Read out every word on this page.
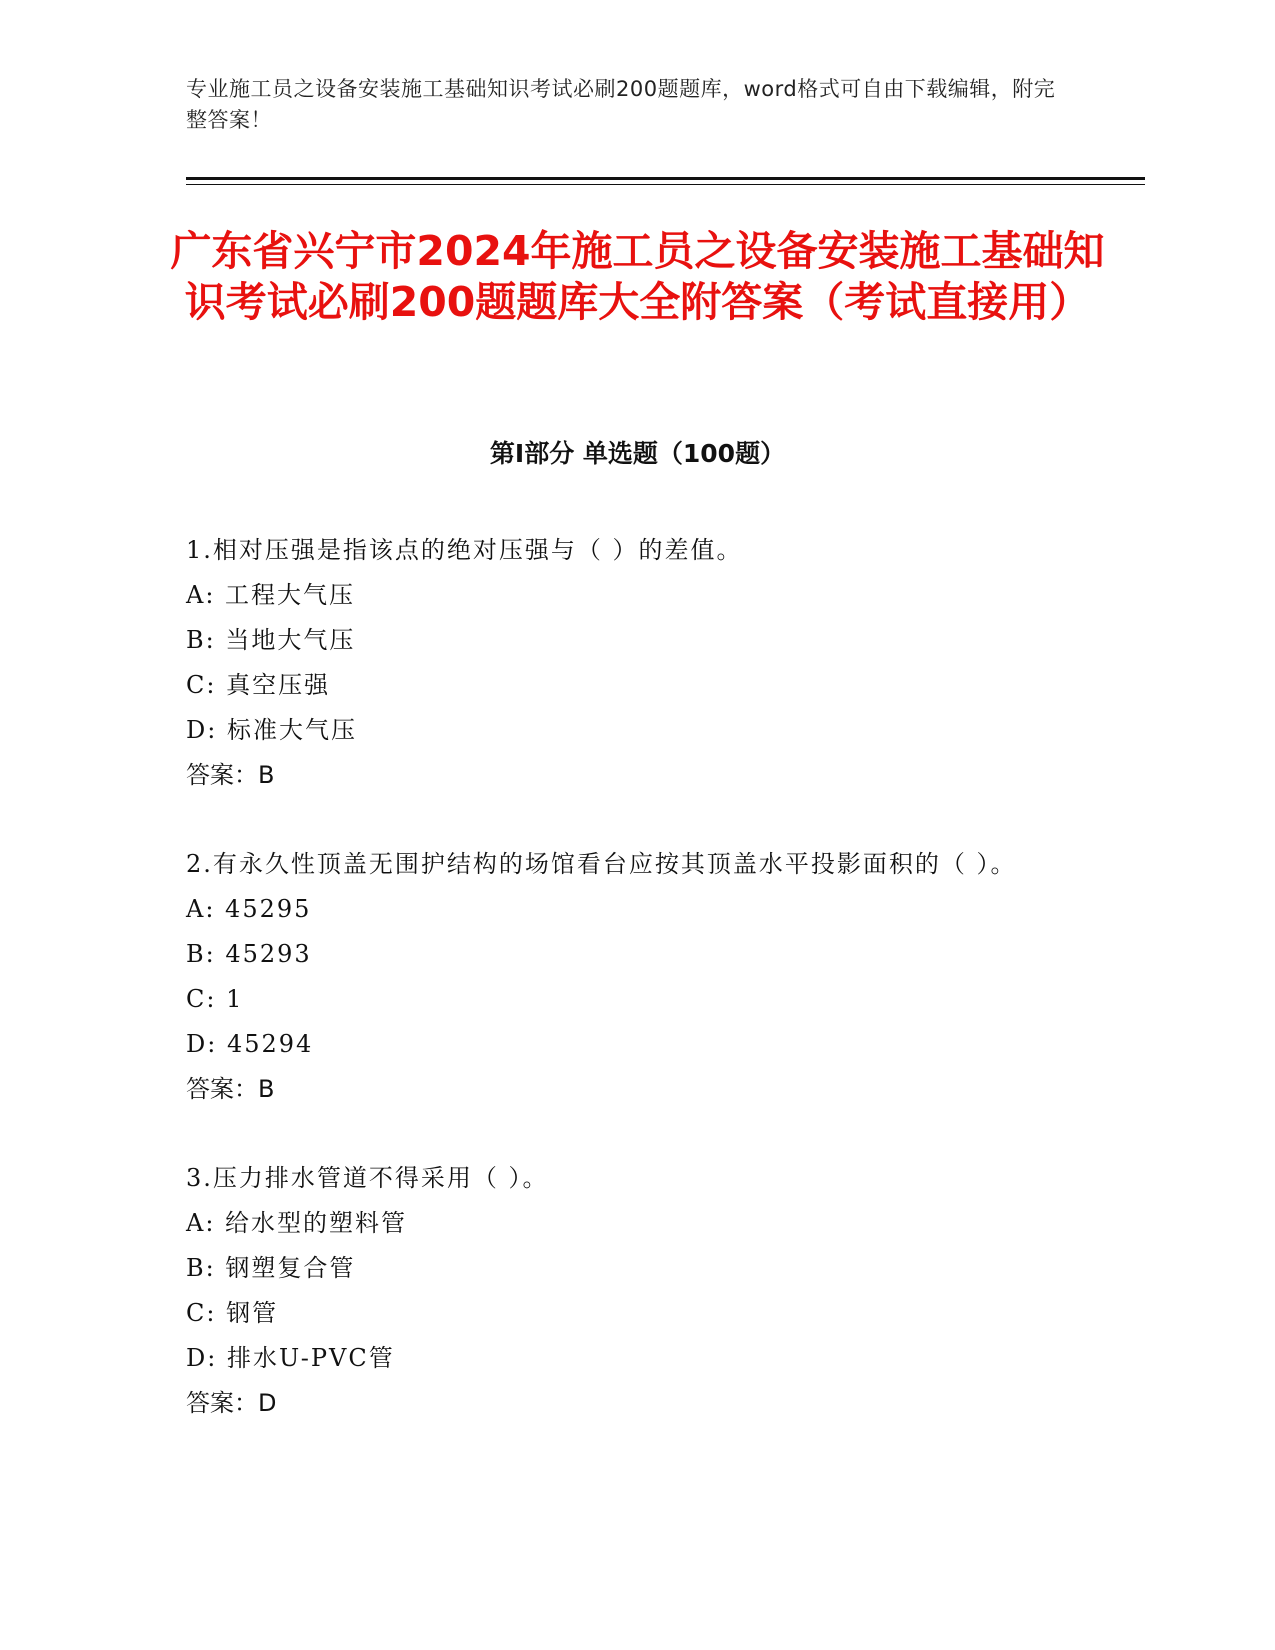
专业施工员之设备安装施工基础知识考试必刷200题题库，word格式可自由下载编辑，附完整答案！
广东省兴宁市2024年施工员之设备安装施工基础知识考试必刷200题题库大全附答案（考试直接用）
第Ⅰ部分 单选题（100题）
1.相对压强是指该点的绝对压强与（ ）的差值。
A: 工程大气压
B: 当地大气压
C: 真空压强
D: 标准大气压
答案：B
2.有永久性顶盖无围护结构的场馆看台应按其顶盖水平投影面积的（ ）。
A: 45295
B: 45293
C: 1
D: 45294
答案：B
3.压力排水管道不得采用（ ）。
A: 给水型的塑料管
B: 钢塑复合管
C: 钢管
D: 排水U-PVC管
答案：D
